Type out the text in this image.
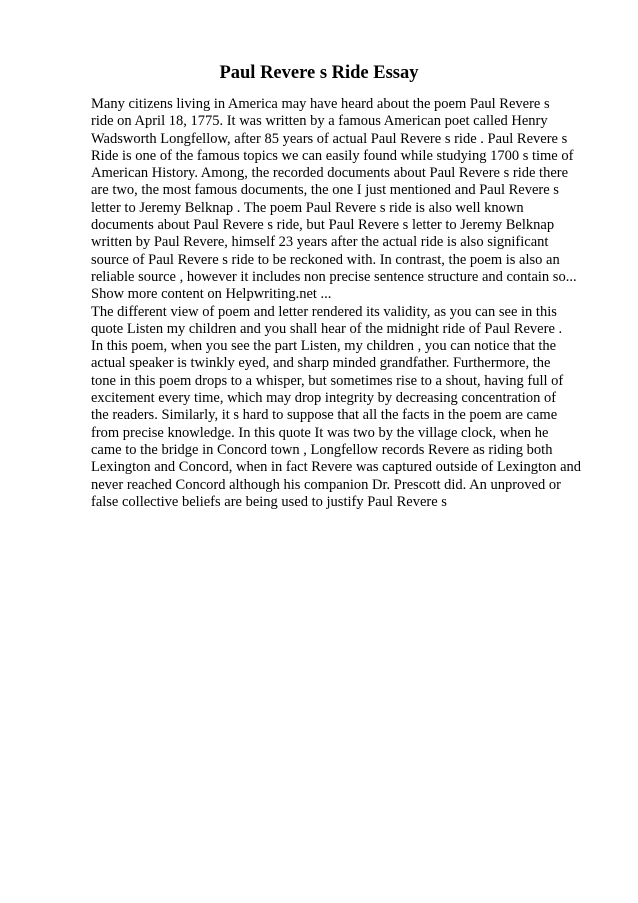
Paul Revere s Ride Essay
Many citizens living in America may have heard about the poem Paul Revere s
ride on April 18, 1775. It was written by a famous American poet called Henry
Wadsworth Longfellow, after 85 years of actual Paul Revere s ride . Paul Revere s
Ride is one of the famous topics we can easily found while studying 1700 s time of
American History. Among, the recorded documents about Paul Revere s ride there
are two, the most famous documents, the one I just mentioned and Paul Revere s
letter to Jeremy Belknap . The poem Paul Revere s ride is also well known
documents about Paul Revere s ride, but Paul Revere s letter to Jeremy Belknap
written by Paul Revere, himself 23 years after the actual ride is also significant
source of Paul Revere s ride to be reckoned with. In contrast, the poem is also an
reliable source , however it includes non precise sentence structure and contain so...
Show more content on Helpwriting.net ...
The different view of poem and letter rendered its validity, as you can see in this
quote Listen my children and you shall hear of the midnight ride of Paul Revere .
In this poem, when you see the part Listen, my children , you can notice that the
actual speaker is twinkly eyed, and sharp minded grandfather. Furthermore, the
tone in this poem drops to a whisper, but sometimes rise to a shout, having full of
excitement every time, which may drop integrity by decreasing concentration of
the readers. Similarly, it s hard to suppose that all the facts in the poem are came
from precise knowledge. In this quote It was two by the village clock, when he
came to the bridge in Concord town , Longfellow records Revere as riding both
Lexington and Concord, when in fact Revere was captured outside of Lexington and
never reached Concord although his companion Dr. Prescott did. An unproved or
false collective beliefs are being used to justify Paul Revere s
